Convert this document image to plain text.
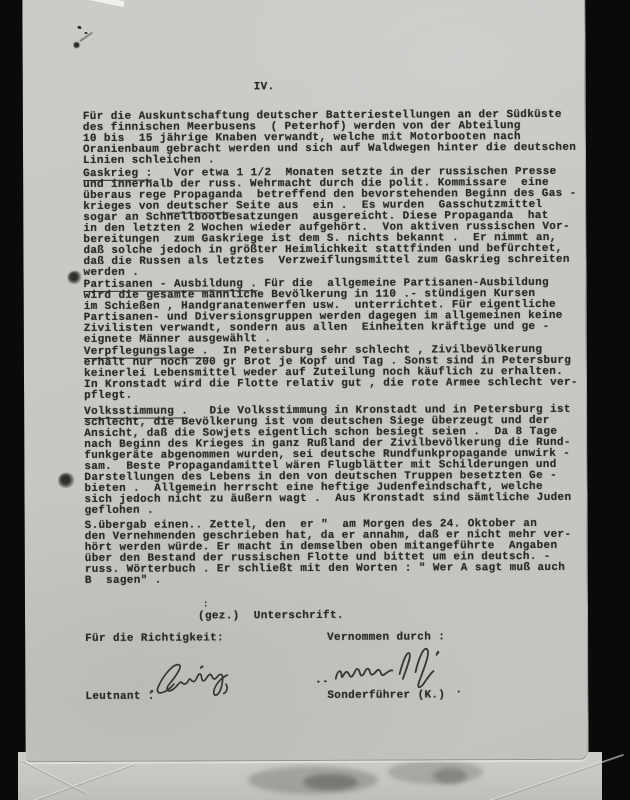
IV.
Für die Auskuntschaftung deutscher Batteriestellungen an der Südküste
des finnischen Meerbusens  ( Peterhof) werden von der Abteilung
10 bis  15 jährige Knaben verwandt, welche mit Motorbooten nach
Oranienbaum gebracht werden und sich auf Waldwegen hinter die deutschen
Linien schleichen .
Gaskrieg :   Vor etwa 1 1/2  Monaten setzte in der russischen Presse
und innerhalb der russ. Wehrmacht durch die polit. Kommissare  eine
überaus rege Propaganda  betreffend den bevorstehenden Beginn des Gas -
krieges von deutscher Seite aus  ein .  Es wurden  Gasschutzmittel
sogar an Schnellbootbesatzungen  ausgereicht. Diese Propaganda  hat
in den letzten 2 Wochen wieder aufgehört.  Von aktiven russischen Vor-
bereitungen  zum Gaskriege ist dem S. nichts bekannt .  Er nimmt an,
daß solche jedoch in größter Heimlichkeit stattfinden und befürchtet,
daß die Russen als letztes  Verzweiflungsmittel zum Gaskrieg schreiten
werden .
Partisanen - Ausbildung . Für die  allgemeine Partisanen-Ausbildung
wird die gesamte männliche Bevölkerung in 110 .- stündigen Kursen
im Schießen , Handgranatenwerfen usw.  unterrichtet. Für eigentliche
Partisanen- und Diversionsgruppen werden dagegen im allgemeinen keine
Zivilisten verwandt, sondern aus allen  Einheiten kräftige und ge -
eignete Männer ausgewählt .
Verpflegungslage .  In Petersburg sehr schlecht , Zivilbevölkerung
erhält nur noch 200 gr Brot je Kopf und Tag . Sonst sind in Petersburg
keinerlei Lebensmittel weder auf Zuteilung noch käuflich zu erhalten.
In Kronstadt wird die Flotte relativ gut , die rote Armee schlecht ver-
pflegt.
Volksstimmung .   Die Volksstimmung in Kronstadt und in Petersburg ist
schlecht, die Bevölkerung ist vom deutschen Siege überzeugt und der
Ansicht, daß die Sowjets eigentlich schon besiegt seien .  Da 8 Tage
nach Beginn des Krieges in ganz Rußland der Zivilbevölkerung die Rund-
funkgeräte abgenommen wurden, sei deutsche Rundfunkpropagande unwirk -
sam.  Beste Propagandamittel wären Flugblätter mit Schilderungen und
Darstellungen des Lebens in den von deutschen Truppen besetzten Ge -
bieten .  Allgemein herrscht eine heftige Judenfeindschaft, welche
sich jedoch nicht zu äußern wagt .  Aus Kronstadt sind sämtliche Juden
geflohen .
S.übergab einen.. Zettel, den  er "  am Morgen des 24. Oktober an
den Vernehmenden geschrieben hat, da er annahm, daß er nicht mehr ver-
hört werden würde. Er macht in demselben oben mitangeführte  Angaben
über den Bestand der russischen Flotte und bittet um ein deutsch. -
russ. Wörterbuch . Er schließt mit den Worten : " Wer A sagt muß auch
B  sagen" .
:
(gez.)  Unterschrift.
Für die Richtigkeit:	Vernommen durch :
Leutnant .	Sonderführer (K.) .
